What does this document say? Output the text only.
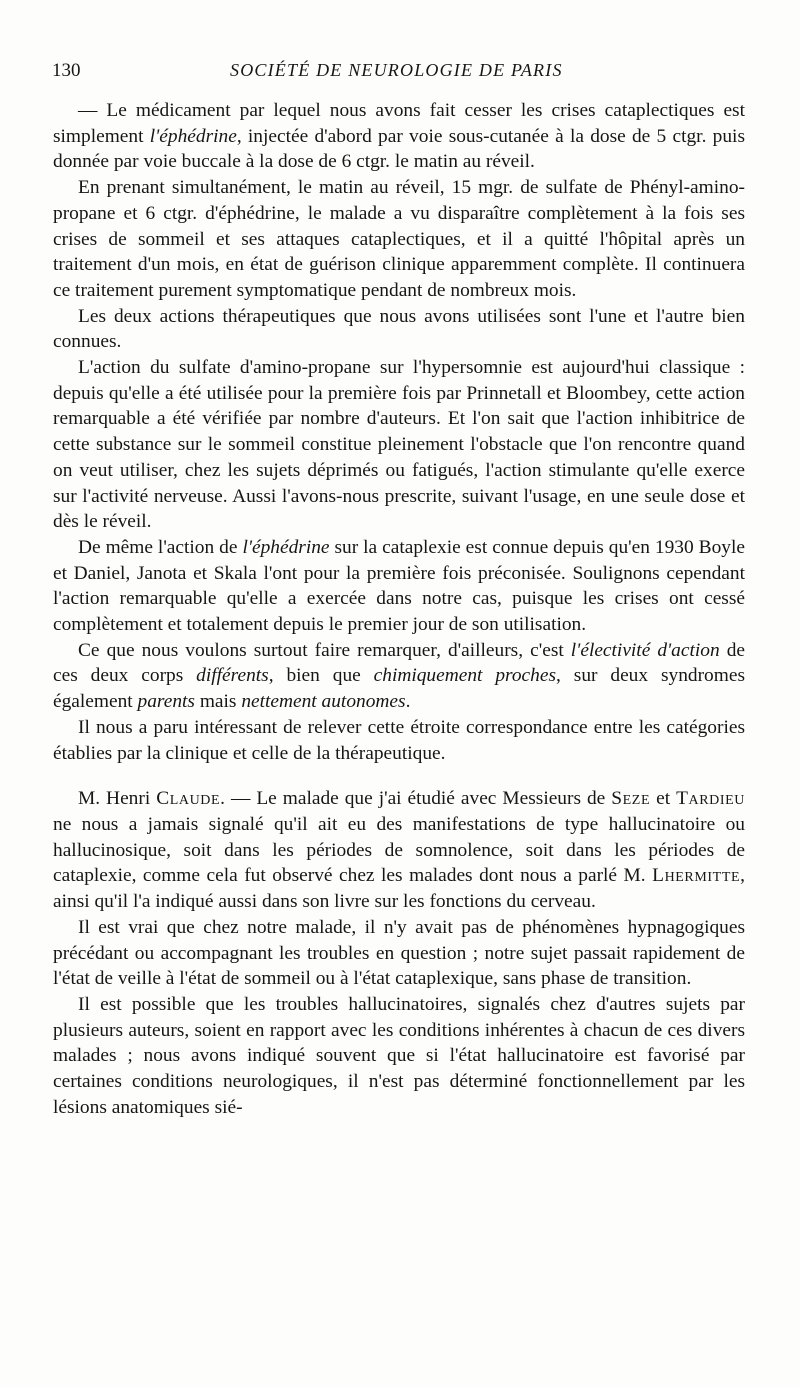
130	SOCIÉTÉ DE NEUROLOGIE DE PARIS

— Le médicament par lequel nous avons fait cesser les crises cataplectiques est simplement l'éphédrine, injectée d'abord par voie sous-cutanée à la dose de 5 ctgr. puis donnée par voie buccale à la dose de 6 ctgr. le matin au réveil.

En prenant simultanément, le matin au réveil, 15 mgr. de sulfate de Phényl-amino-propane et 6 ctgr. d'éphédrine, le malade a vu disparaître complètement à la fois ses crises de sommeil et ses attaques cataplectiques, et il a quitté l'hôpital après un traitement d'un mois, en état de guérison clinique apparemment complète. Il continuera ce traitement purement symptomatique pendant de nombreux mois.

Les deux actions thérapeutiques que nous avons utilisées sont l'une et l'autre bien connues.

L'action du sulfate d'amino-propane sur l'hypersomnie est aujourd'hui classique : depuis qu'elle a été utilisée pour la première fois par Prinnetall et Bloombey, cette action remarquable a été vérifiée par nombre d'auteurs. Et l'on sait que l'action inhibitrice de cette substance sur le sommeil constitue pleinement l'obstacle que l'on rencontre quand on veut utiliser, chez les sujets déprimés ou fatigués, l'action stimulante qu'elle exerce sur l'activité nerveuse. Aussi l'avons-nous prescrite, suivant l'usage, en une seule dose et dès le réveil.

De même l'action de l'éphédrine sur la cataplexie est connue depuis qu'en 1930 Boyle et Daniel, Janota et Skala l'ont pour la première fois préconisée. Soulignons cependant l'action remarquable qu'elle a exercée dans notre cas, puisque les crises ont cessé complètement et totalement depuis le premier jour de son utilisation.

Ce que nous voulons surtout faire remarquer, d'ailleurs, c'est l'électivité d'action de ces deux corps différents, bien que chimiquement proches, sur deux syndromes également parents mais nettement autonomes.

Il nous a paru intéressant de relever cette étroite correspondance entre les catégories établies par la clinique et celle de la thérapeutique.

M. Henri Claude. — Le malade que j'ai étudié avec Messieurs de Seze et Tardieu ne nous a jamais signalé qu'il ait eu des manifestations de type hallucinatoire ou hallucinosique, soit dans les périodes de somnolence, soit dans les périodes de cataplexie, comme cela fut observé chez les malades dont nous a parlé M. Lhermitte, ainsi qu'il l'a indiqué aussi dans son livre sur les fonctions du cerveau.

Il est vrai que chez notre malade, il n'y avait pas de phénomènes hypnagogiques précédant ou accompagnant les troubles en question ; notre sujet passait rapidement de l'état de veille à l'état de sommeil ou à l'état cataplexique, sans phase de transition.

Il est possible que les troubles hallucinatoires, signalés chez d'autres sujets par plusieurs auteurs, soient en rapport avec les conditions inhérentes à chacun de ces divers malades ; nous avons indiqué souvent que si l'état hallucinatoire est favorisé par certaines conditions neurologiques, il n'est pas déterminé fonctionnellement par les lésions anatomiques sié-
